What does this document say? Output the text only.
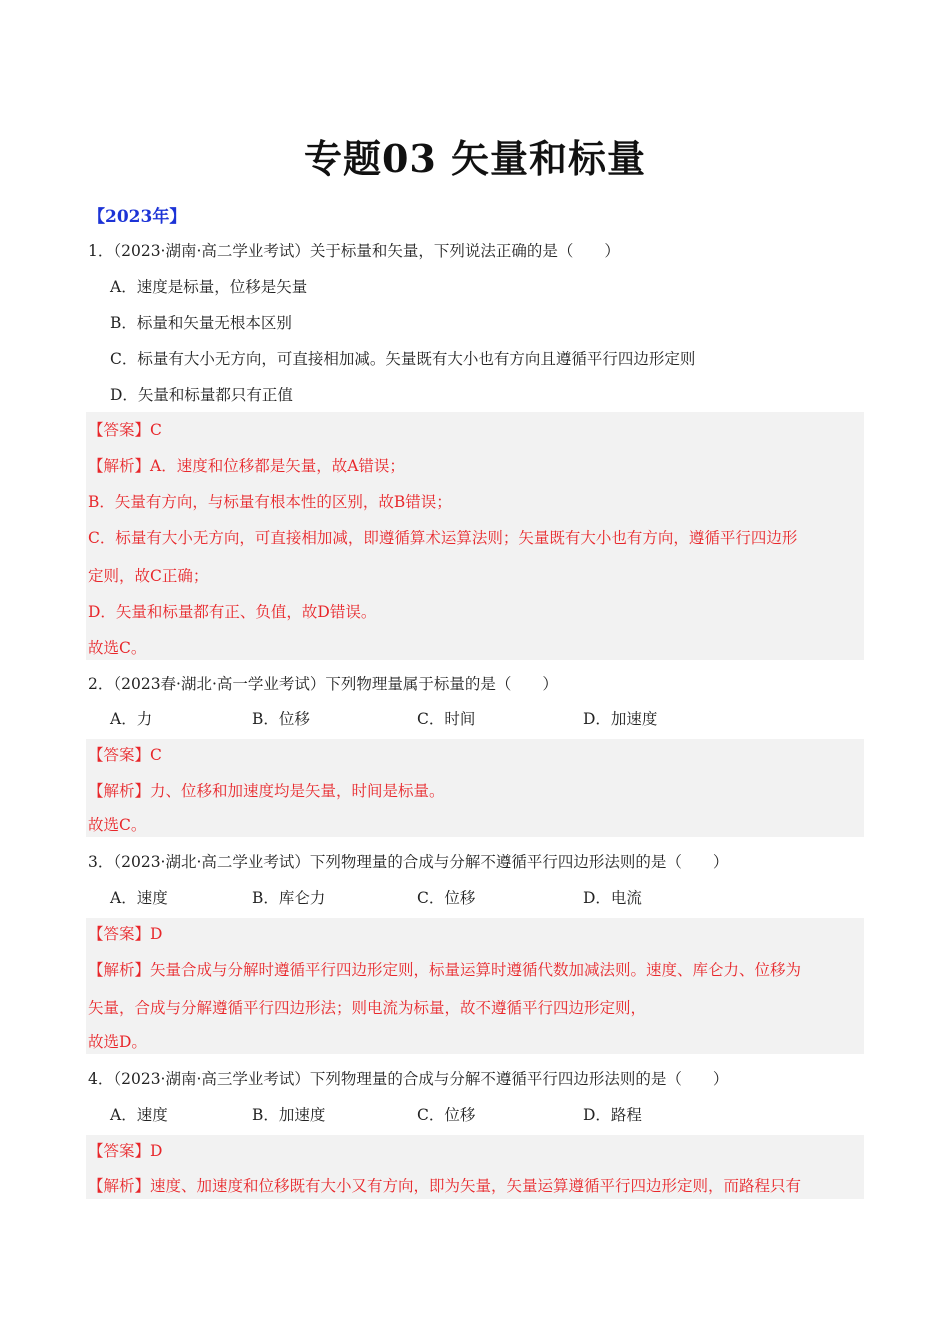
专题03 矢量和标量
【2023年】
1．（2023·湖南·高二学业考试）关于标量和矢量，下列说法正确的是（　　）
A．速度是标量，位移是矢量
B．标量和矢量无根本区别
C．标量有大小无方向，可直接相加减。矢量既有大小也有方向且遵循平行四边形定则
D．矢量和标量都只有正值
【答案】C
【解析】A．速度和位移都是矢量，故A错误；
B．矢量有方向，与标量有根本性的区别，故B错误；
C．标量有大小无方向，可直接相加减，即遵循算术运算法则；矢量既有大小也有方向，遵循平行四边形
定则，故C正确；
D．矢量和标量都有正、负值，故D错误。
故选C。
2．（2023春·湖北·高一学业考试）下列物理量属于标量的是（　　）
A．力	B．位移	C．时间	D．加速度
【答案】C
【解析】力、位移和加速度均是矢量，时间是标量。
故选C。
3．（2023·湖北·高二学业考试）下列物理量的合成与分解不遵循平行四边形法则的是（　　）
A．速度	B．库仑力	C．位移	D．电流
【答案】D
【解析】矢量合成与分解时遵循平行四边形定则，标量运算时遵循代数加减法则。速度、库仑力、位移为
矢量，合成与分解遵循平行四边形法；则电流为标量，故不遵循平行四边形定则，
故选D。
4．（2023·湖南·高三学业考试）下列物理量的合成与分解不遵循平行四边形法则的是（　　）
A．速度	B．加速度	C．位移	D．路程
【答案】D
【解析】速度、加速度和位移既有大小又有方向，即为矢量，矢量运算遵循平行四边形定则，而路程只有
